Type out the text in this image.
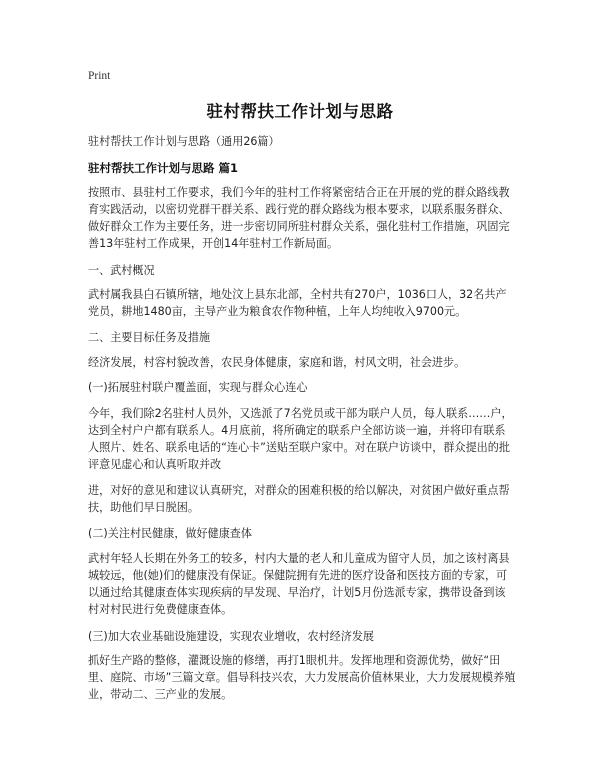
Print
驻村帮扶工作计划与思路
驻村帮扶工作计划与思路（通用26篇）
驻村帮扶工作计划与思路 篇1
按照市、县驻村工作要求，我们今年的驻村工作将紧密结合正在开展的党的群众路线教育实践活动，以密切党群干群关系、践行党的群众路线为根本要求，以联系服务群众、做好群众工作为主要任务，进一步密切同所驻村群众关系，强化驻村工作措施，巩固完善13年驻村工作成果，开创14年驻村工作新局面。
一、武村概况
武村属我县白石镇所辖，地处汶上县东北部，全村共有270户，1036口人，32名共产党员，耕地1480亩，主导产业为粮食农作物种植，上年人均纯收入9700元。
二、主要目标任务及措施
经济发展，村容村貌改善，农民身体健康，家庭和谐，村风文明，社会进步。
(一)拓展驻村联户覆盖面，实现与群众心连心
今年，我们除2名驻村人员外，又选派了7名党员或干部为联户人员，每人联系……户，达到全村户户都有联系人。4月底前，将所确定的联系户全部访谈一遍，并将印有联系人照片、姓名、联系电话的“连心卡”送贴至联户家中。对在联户访谈中，群众提出的批评意见虚心和认真听取并改
进，对好的意见和建议认真研究，对群众的困难积极的给以解决，对贫困户做好重点帮扶，助他们早日脱困。
(二)关注村民健康，做好健康查体
武村年轻人长期在外务工的较多，村内大量的老人和儿童成为留守人员，加之该村离县城较远，他(她)们的健康没有保证。保健院拥有先进的医疗设备和医技方面的专家，可以通过给其健康查体实现疾病的早发现、早治疗，计划5月份选派专家，携带设备到该村对村民进行免费健康查体。
(三)加大农业基础设施建设，实现农业增收，农村经济发展
抓好生产路的整修，灌溉设施的修缮，再打1眼机井。发挥地理和资源优势，做好“田里、庭院、市场”三篇文章。倡导科技兴农，大力发展高价值林果业，大力发展规模养殖业，带动二、三产业的发展。
